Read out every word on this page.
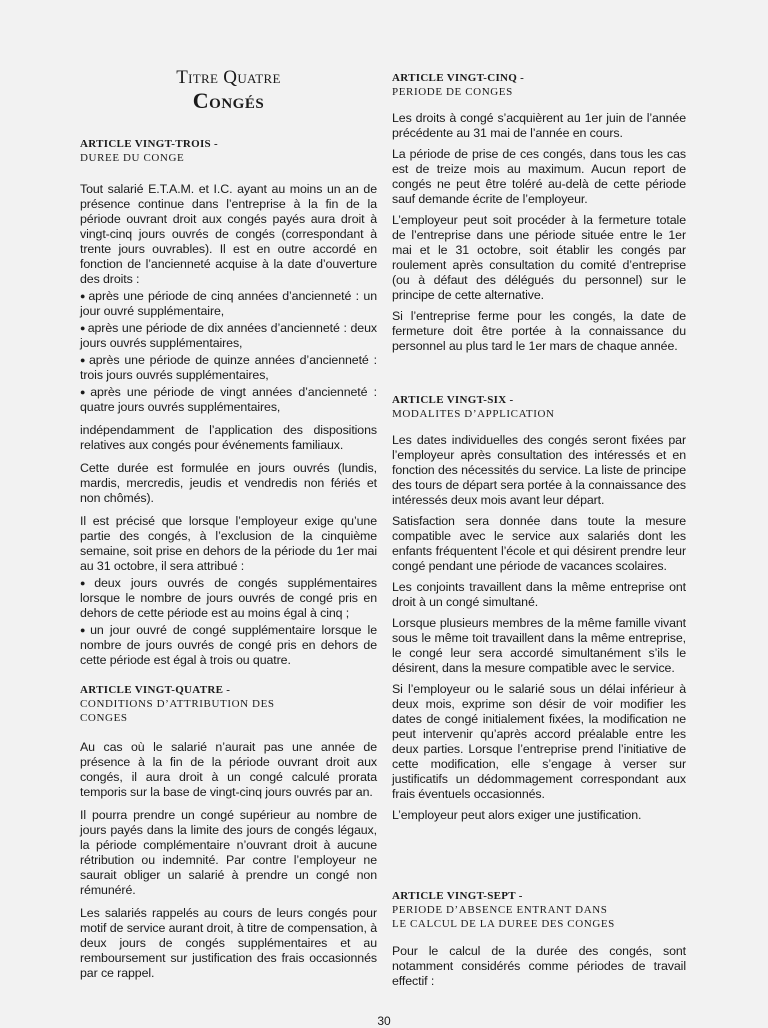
Titre Quatre

Congés

ARTICLE VINGT-TROIS -

DUREE DU CONGE

Tout salarié E.T.A.M. et I.C. ayant au moins un an de présence continue dans l’entreprise à la fin de la période ouvrant droit aux congés payés aura droit à vingt-cinq jours ouvrés de congés (correspondant à trente jours ouvrables). Il est en outre accordé en fonction de l’ancienneté acquise à la date d’ouverture des droits :

● après une période de cinq années d’ancienneté : un jour ouvré supplémentaire,

● après une période de dix années d’ancienneté : deux jours ouvrés supplémentaires,

● après une période de quinze années d’ancienneté : trois jours ouvrés supplémentaires,

● après une période de vingt années d’ancienneté : quatre jours ouvrés supplémentaires,

indépendamment de l’application des dispositions relatives aux congés pour événements familiaux.

Cette durée est formulée en jours ouvrés (lundis, mardis, mercredis, jeudis et vendredis non fériés et non chômés).

Il est précisé que lorsque l’employeur exige qu’une partie des congés, à l’exclusion de la cinquième semaine, soit prise en dehors de la période du 1er mai au 31 octobre, il sera attribué :

● deux jours ouvrés de congés supplémentaires lorsque le nombre de jours ouvrés de congé pris en dehors de cette période est au moins égal à cinq ;

● un jour ouvré de congé supplémentaire lorsque le nombre de jours ouvrés de congé pris en dehors de cette période est égal à trois ou quatre.

ARTICLE VINGT-QUATRE -

CONDITIONS D’ATTRIBUTION DES

CONGES

Au cas où le salarié n’aurait pas une année de présence à la fin de la période ouvrant droit aux congés, il aura droit à un congé calculé prorata temporis sur la base de vingt-cinq jours ouvrés par an.

Il pourra prendre un congé supérieur au nombre de jours payés dans la limite des jours de congés légaux, la période complémentaire n’ouvrant droit à aucune rétribution ou indemnité. Par contre l’employeur ne saurait obliger un salarié à prendre un congé non rémunéré.

Les salariés rappelés au cours de leurs congés pour motif de service aurant droit, à titre de compensation, à deux jours de congés supplémentaires et au remboursement sur justification des frais occasionnés par ce rappel.

ARTICLE VINGT-CINQ -

PERIODE DE CONGES

Les droits à congé s’acquièrent au 1er juin de l’année précédente au 31 mai de l’année en cours.

La période de prise de ces congés, dans tous les cas est de treize mois au maximum. Aucun report de congés ne peut être toléré au-delà de cette période sauf demande écrite de l’employeur.

L’employeur peut soit procéder à la fermeture totale de l’entreprise dans une période située entre le 1er mai et le 31 octobre, soit établir les congés par roulement après consultation du comité d’entreprise (ou à défaut des délégués du personnel) sur le principe de cette alternative.

Si l’entreprise ferme pour les congés, la date de fermeture doit être portée à la connaissance du personnel au plus tard le 1er mars de chaque année.

ARTICLE VINGT-SIX -

MODALITES D’APPLICATION

Les dates individuelles des congés seront fixées par l’employeur après consultation des intéressés et en fonction des nécessités du service. La liste de principe des tours de départ sera portée à la connaissance des intéressés deux mois avant leur départ.

Satisfaction sera donnée dans toute la mesure compatible avec le service aux salariés dont les enfants fréquentent l’école et qui désirent prendre leur congé pendant une période de vacances scolaires.

Les conjoints travaillent dans la même entreprise ont droit à un congé simultané.

Lorsque plusieurs membres de la même famille vivant sous le même toit travaillent dans la même entreprise, le congé leur sera accordé simultanément s’ils le désirent, dans la mesure compatible avec le service.

Si l’employeur ou le salarié sous un délai inférieur à deux mois, exprime son désir de voir modifier les dates de congé initialement fixées, la modification ne peut intervenir qu’après accord préalable entre les deux parties. Lorsque l’entreprise prend l’initiative de cette modification, elle s’engage à verser sur justificatifs un dédommagement correspondant aux frais éventuels occasionnés.

L’employeur peut alors exiger une justification.

ARTICLE VINGT-SEPT -

PERIODE D’ABSENCE ENTRANT DANS

LE CALCUL DE LA DUREE DES CONGES

Pour le calcul de la durée des congés, sont notamment considérés comme périodes de travail effectif :

30
